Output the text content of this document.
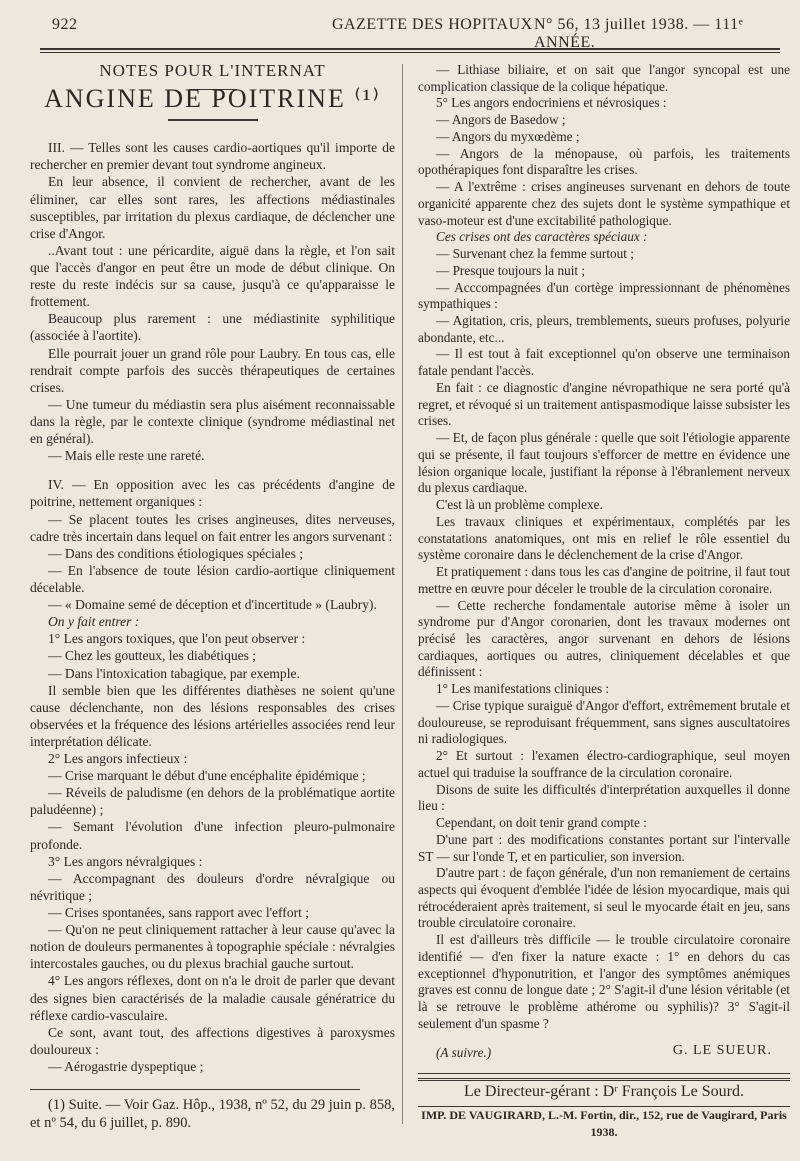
922	GAZETTE DES HOPITAUX N° 56, 13 juillet 1938. — 111ᵉ ANNÉE.

NOTES POUR L'INTERNAT

ANGINE DE POITRINE ⁽¹⁾

III. — Telles sont les causes cardio-aortiques qu'il importe de rechercher en premier devant tout syndrome angineux.

En leur absence, il convient de rechercher, avant de les éliminer, car elles sont rares, les affections médiastinales susceptibles, par irritation du plexus cardiaque, de déclencher une crise d'Angor.

..Avant tout : une péricardite, aiguë dans la règle, et l'on sait que l'accès d'angor en peut être un mode de début clinique. On reste du reste indécis sur sa cause, jusqu'à ce qu'apparaisse le frottement.

Beaucoup plus rarement : une médiastinite syphilitique (associée à l'aortite).

Elle pourrait jouer un grand rôle pour Laubry. En tous cas, elle rendrait compte parfois des succès thérapeutiques de certaines crises.

— Une tumeur du médiastin sera plus aisément reconnaissable dans la règle, par le contexte clinique (syndrome médiastinal net en général).

— Mais elle reste une rareté.

IV. — En opposition avec les cas précédents d'angine de poitrine, nettement organiques :

— Se placent toutes les crises angineuses, dites nerveuses, cadre très incertain dans lequel on fait entrer les angors survenant :

— Dans des conditions étiologiques spéciales ;

— En l'absence de toute lésion cardio-aortique cliniquement décelable.

— « Domaine semé de déception et d'incertitude » (Laubry).

On y fait entrer :

1° Les angors toxiques, que l'on peut observer :

— Chez les goutteux, les diabétiques ;

— Dans l'intoxication tabagique, par exemple.

Il semble bien que les différentes diathèses ne soient qu'une cause déclenchante, non des lésions responsables des crises observées et la fréquence des lésions artérielles associées rend leur interprétation délicate.

2° Les angors infectieux :

— Crise marquant le début d'une encéphalite épidémique ;

— Réveils de paludisme (en dehors de la problématique aortite paludéenne) ;

— Semant l'évolution d'une infection pleuro-pulmonaire profonde.

3° Les angors névralgiques :

— Accompagnant des douleurs d'ordre névralgique ou névritique ;

— Crises spontanées, sans rapport avec l'effort ;

— Qu'on ne peut cliniquement rattacher à leur cause qu'avec la notion de douleurs permanentes à topographie spéciale : névralgies intercostales gauches, ou du plexus brachial gauche surtout.

4° Les angors réflexes, dont on n'a le droit de parler que devant des signes bien caractérisés de la maladie causale génératrice du réflexe cardio-vasculaire.

Ce sont, avant tout, des affections digestives à paroxysmes douloureux :

— Aérogastrie dyspeptique ;

(1) Suite. — Voir Gaz. Hôp., 1938, nº 52, du 29 juin p. 858, et nº 54, du 6 juillet, p. 890.

— Lithiase biliaire, et on sait que l'angor syncopal est une complication classique de la colique hépatique.

5° Les angors endocriniens et névrosiques :

— Angors de Basedow ;

— Angors du myxœdème ;

— Angors de la ménopause, où parfois, les traitements opothérapiques font disparaître les crises.

— A l'extrême : crises angineuses survenant en dehors de toute organicité apparente chez des sujets dont le système sympathique et vaso-moteur est d'une excitabilité pathologique.

Ces crises ont des caractères spéciaux :

— Survenant chez la femme surtout ;

— Presque toujours la nuit ;

— Acccompagnées d'un cortège impressionnant de phénomènes sympathiques :

— Agitation, cris, pleurs, tremblements, sueurs profuses, polyurie abondante, etc...

— Il est tout à fait exceptionnel qu'on observe une terminaison fatale pendant l'accès.

En fait : ce diagnostic d'angine névropathique ne sera porté qu'à regret, et révoqué si un traitement antispasmodique laisse subsister les crises.

— Et, de façon plus générale : quelle que soit l'étiologie apparente qui se présente, il faut toujours s'efforcer de mettre en évidence une lésion organique locale, justifiant la réponse à l'ébranlement nerveux du plexus cardiaque.

C'est là un problème complexe.

Les travaux cliniques et expérimentaux, complétés par les constatations anatomiques, ont mis en relief le rôle essentiel du système coronaire dans le déclenchement de la crise d'Angor.

Et pratiquement : dans tous les cas d'angine de poitrine, il faut tout mettre en œuvre pour déceler le trouble de la circulation coronaire.

— Cette recherche fondamentale autorise même à isoler un syndrome pur d'Angor coronarien, dont les travaux modernes ont précisé les caractères, angor survenant en dehors de lésions cardiaques, aortiques ou autres, cliniquement décelables et que définissent :

1° Les manifestations cliniques :

— Crise typique suraiguë d'Angor d'effort, extrêmement brutale et douloureuse, se reproduisant fréquemment, sans signes auscultatoires ni radiologiques.

2° Et surtout : l'examen électro-cardiographique, seul moyen actuel qui traduise la souffrance de la circulation coronaire.

Disons de suite les difficultés d'interprétation auxquelles il donne lieu :

Cependant, on doit tenir grand compte :

D'une part : des modifications constantes portant sur l'intervalle ST — sur l'onde T, et en particulier, son inversion.

D'autre part : de façon générale, d'un non remaniement de certains aspects qui évoquent d'emblée l'idée de lésion myocardique, mais qui rétrocéderaient après traitement, si seul le myocarde était en jeu, sans trouble circulatoire coronaire.

Il est d'ailleurs très difficile — le trouble circulatoire coronaire identifié — d'en fixer la nature exacte : 1° en dehors du cas exceptionnel d'hyponutrition, et l'angor des symptômes anémiques graves est connu de longue date ; 2° S'agit-il d'une lésion véritable (et là se retrouve le problème athérome ou syphilis)? 3° S'agit-il seulement d'un spasme ?

(A suivre.)	G. LE SUEUR.

Le Directeur-gérant : Dʳ François Le Sourd.

IMP. DE VAUGIRARD, L.-M. Fortin, dir., 152, rue de Vaugirard, Paris 1938.
